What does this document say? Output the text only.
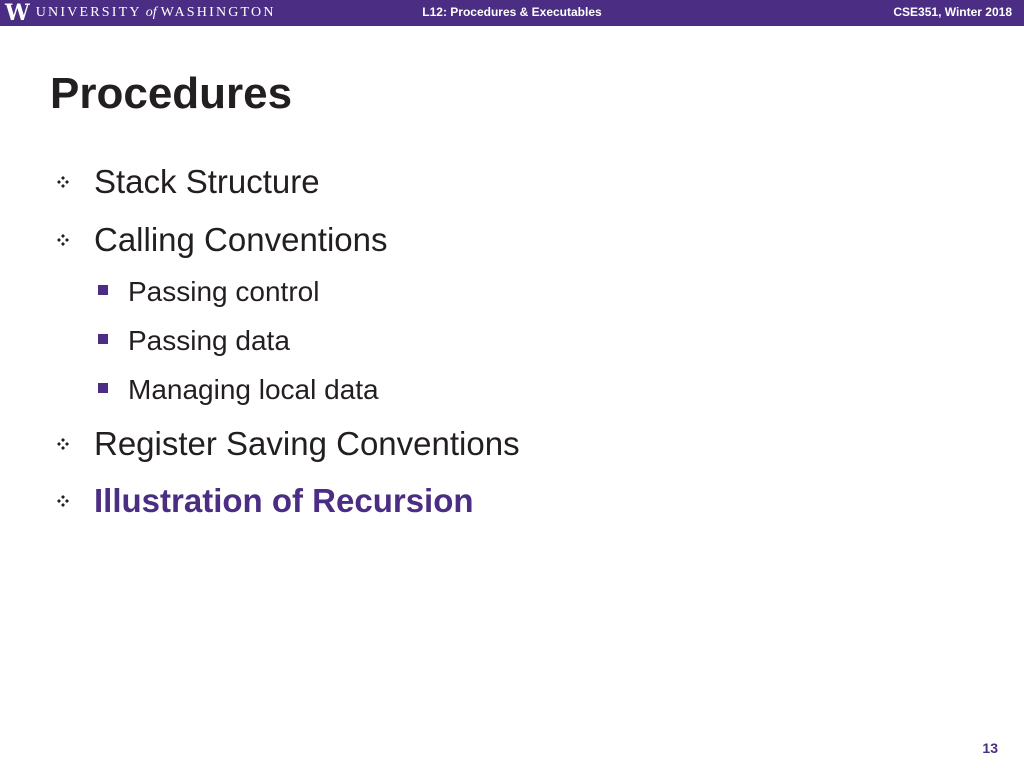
W UNIVERSITY of WASHINGTON	L12: Procedures & Executables	CSE351, Winter 2018
Procedures
Stack Structure
Calling Conventions
Passing control
Passing data
Managing local data
Register Saving Conventions
Illustration of Recursion
13
